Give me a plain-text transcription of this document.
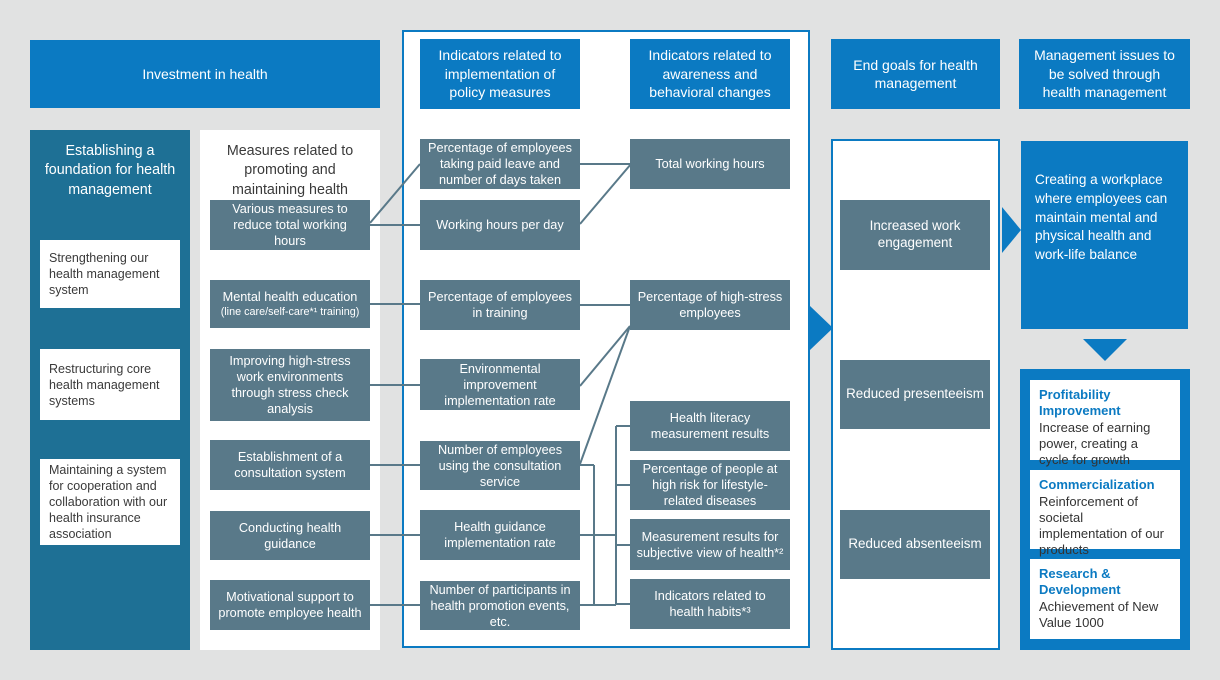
Establishing a foundation for health management
Measures related to promoting and maintaining health
Investment in health
Indicators related to implementation of policy measures
Indicators related to awareness and behavioral changes
End goals for health management
Management issues to be solved through health management
Strengthening our health management system
Restructuring core health management systems
Maintaining a system for cooperation and collaboration with our health insurance association
Various measures to reduce total working hours
Mental health education
(line care/self-care*¹ training)
Improving high-stress work environments through stress check analysis
Establishment of a consultation system
Conducting health guidance
Motivational support to promote employee health
Percentage of employees taking paid leave and number of days taken
Working hours per day
Percentage of employees in training
Environmental improvement implementation rate
Number of employees using the consultation service
Health guidance implementation rate
Number of participants in health promotion events, etc.
Total working hours
Percentage of high-stress employees
Health literacy measurement results
Percentage of people at high risk for lifestyle-related diseases
Measurement results for subjective view of health*²
Indicators related to health habits*³
Increased work engagement
Reduced presenteeism
Reduced absenteeism
Creating a workplace where employees can maintain mental and physical health and work-life balance
Profitability Improvement
Increase of earning power, creating a cycle for growth
Commercialization
Reinforcement of societal implementation of our products
Research & Development
Achievement of New Value 1000
